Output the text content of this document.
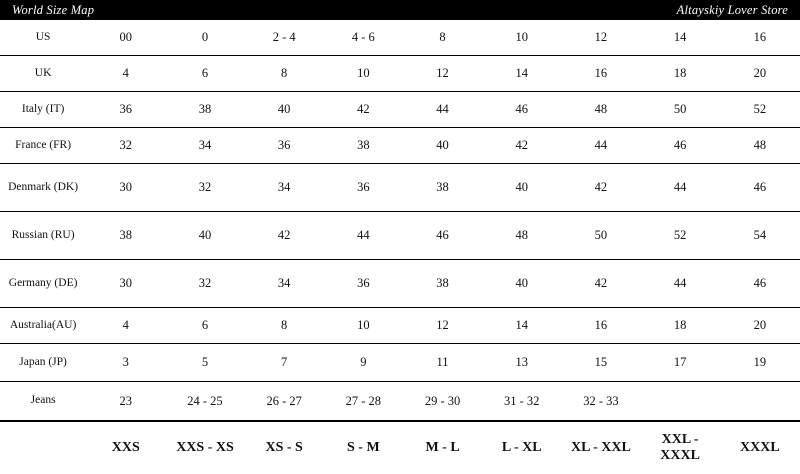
World Size Map	Altayskiy Lover Store
US	00	0	2 - 4	4 - 6	8	10	12	14	16
UK	4	6	8	10	12	14	16	18	20
Italy (IT)	36	38	40	42	44	46	48	50	52
France (FR)	32	34	36	38	40	42	44	46	48
Denmark (DK)	30	32	34	36	38	40	42	44	46
Russian (RU)	38	40	42	44	46	48	50	52	54
Germany (DE)	30	32	34	36	38	40	42	44	46
Australia(AU)	4	6	8	10	12	14	16	18	20
Japan (JP)	3	5	7	9	11	13	15	17	19
Jeans	23	24 - 25	26 - 27	27 - 28	29 - 30	31 - 32	32 - 33		
	XXS	XXS - XS	XS - S	S - M	M - L	L - XL	XL - XXL	XXL - XXXL	XXXL
